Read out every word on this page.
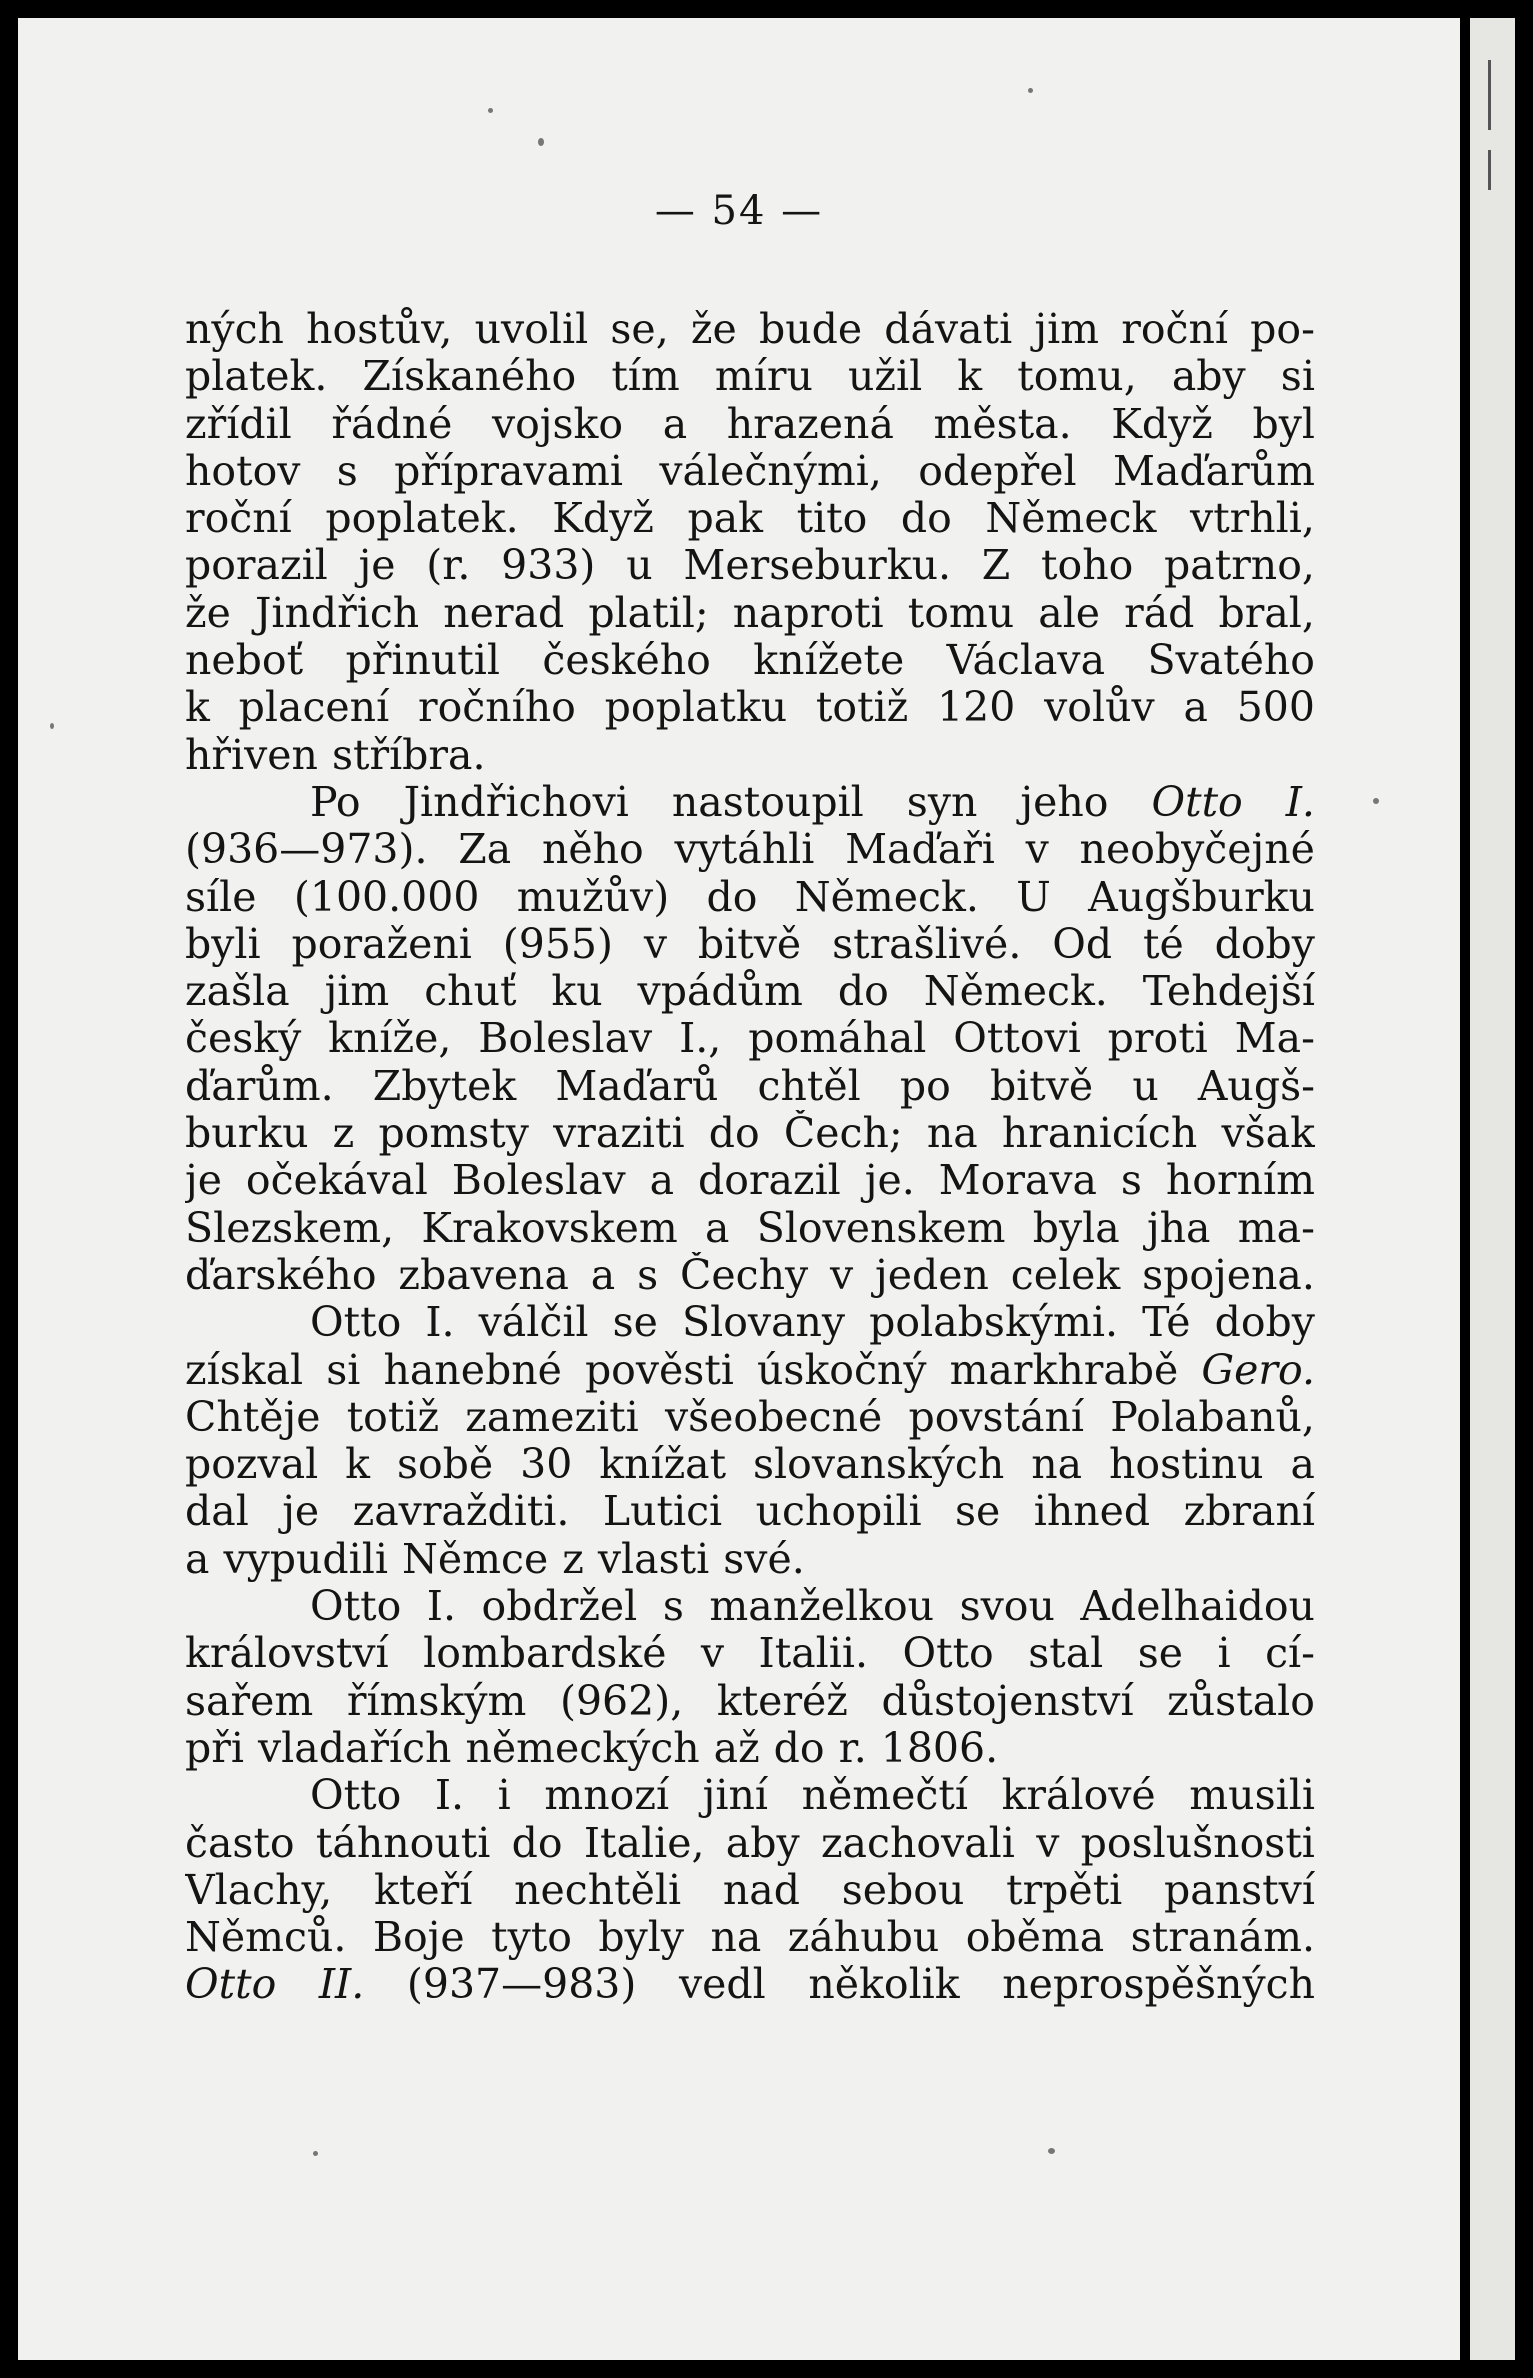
— 54 —
ných hostův, uvolil se, že bude dávati jim roční po-
platek. Získaného tím míru užil k tomu, aby si
zřídil řádné vojsko a hrazená města. Když byl
hotov s přípravami válečnými, odepřel Maďarům
roční poplatek. Když pak tito do Německ vtrhli,
porazil je (r. 933) u Merseburku. Z toho patrno,
že Jindřich nerad platil; naproti tomu ale rád bral,
neboť přinutil českého knížete Václava Svatého
k placení ročního poplatku totiž 120 volův a 500
hřiven stříbra.
Po Jindřichovi nastoupil syn jeho Otto I.
(936—973). Za něho vytáhli Maďaři v neobyčejné
síle (100.000 mužův) do Německ. U Augšburku
byli poraženi (955) v bitvě strašlivé. Od té doby
zašla jim chuť ku vpádům do Německ. Tehdejší
český kníže, Boleslav I., pomáhal Ottovi proti Ma-
ďarům. Zbytek Maďarů chtěl po bitvě u Augš-
burku z pomsty vraziti do Čech; na hranicích však
je očekával Boleslav a dorazil je. Morava s horním
Slezskem, Krakovskem a Slovenskem byla jha ma-
ďarského zbavena a s Čechy v jeden celek spojena.
Otto I. válčil se Slovany polabskými. Té doby
získal si hanebné pověsti úskočný markhrabě Gero.
Chtěje totiž zameziti všeobecné povstání Polabanů,
pozval k sobě 30 knížat slovanských na hostinu a
dal je zavražditi. Lutici uchopili se ihned zbraní
a vypudili Němce z vlasti své.
Otto I. obdržel s manželkou svou Adelhaidou
království lombardské v Italii. Otto stal se i cí-
sařem římským (962), kteréž důstojenství zůstalo
při vladařích německých až do r. 1806.
Otto I. i mnozí jiní němečtí králové musili
často táhnouti do Italie, aby zachovali v poslušnosti
Vlachy, kteří nechtěli nad sebou trpěti panství
Němců. Boje tyto byly na záhubu oběma stranám.
Otto II. (937—983) vedl několik neprospěšných
